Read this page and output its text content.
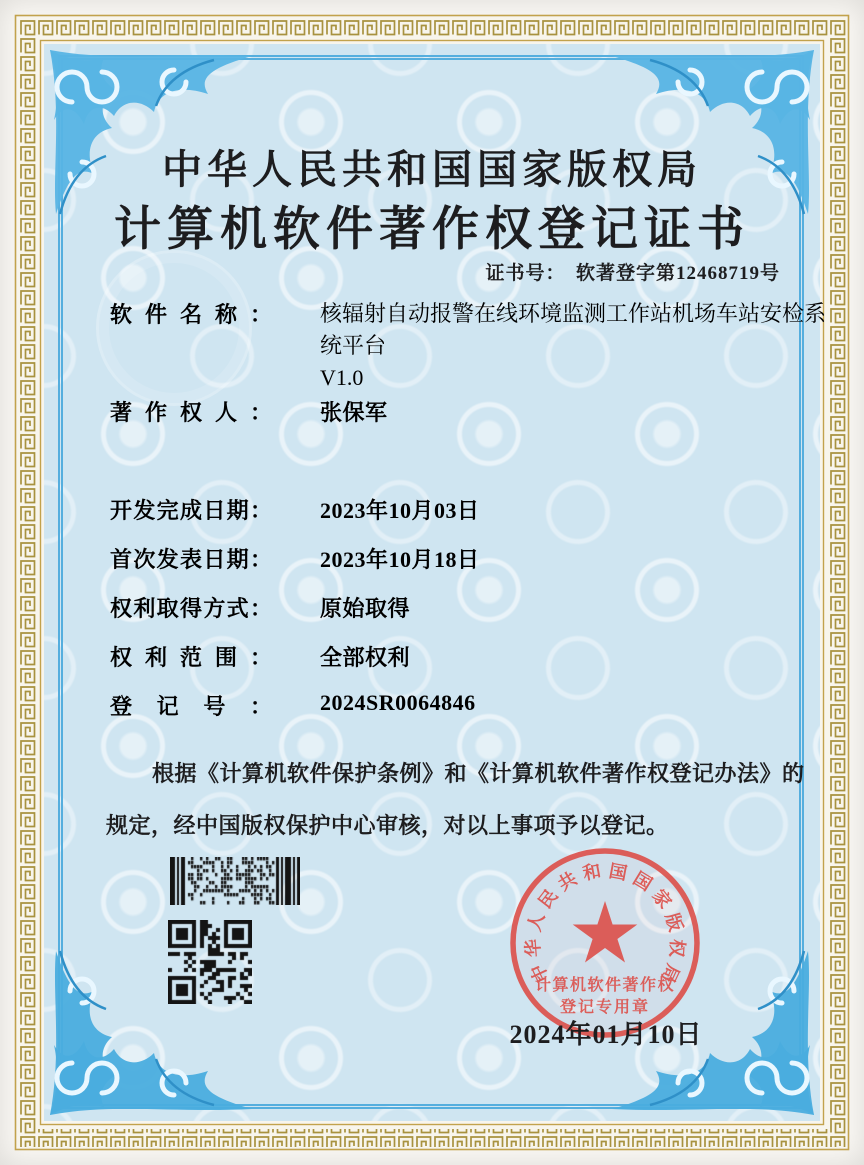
中华人民共和国国家版权局
计算机软件著作权登记证书
证书号：  软著登字第12468719号
软件名称： 核辐射自动报警在线环境监测工作站机场车站安检系
统平台
V1.0
著作权人： 张保军
开发完成日期： 2023年10月03日
首次发表日期： 2023年10月18日
权利取得方式： 原始取得
权利范围： 全部权利
登记号： 2024SR0064846
根据《计算机软件保护条例》和《计算机软件著作权登记办法》的
规定，经中国版权保护中心审核，对以上事项予以登记。
中
华
人
民
共 和 国 国
家
版
权
局
计算机软件著作权
登记专用章
2024年01月10日
